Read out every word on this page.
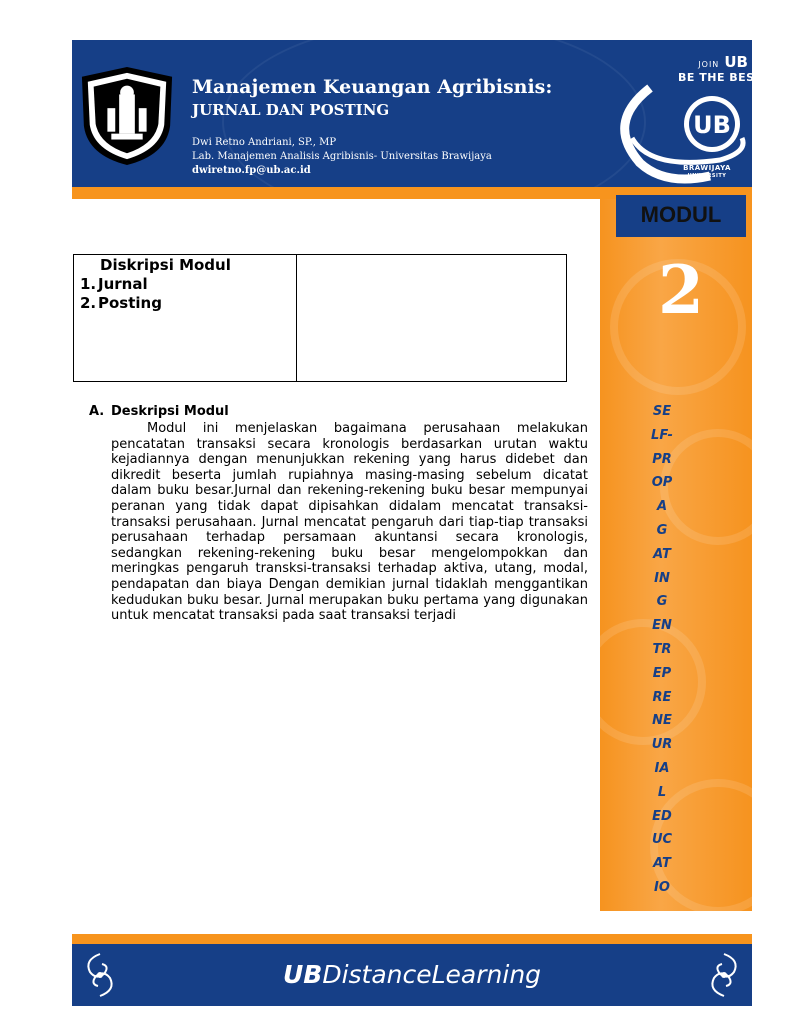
Manajemen Keuangan Agribisnis:
JURNAL DAN POSTING
Dwi Retno Andriani, SP., MP
Lab. Manajemen Analisis Agribisnis- Universitas Brawijaya
dwiretno.fp@ub.ac.id
JOIN UB
BE THE BEST
UB
BRAWIJAYA
UNIVERSITY
MODUL
2
SE
LF-
PR
OP
A
G
AT
IN
G
EN
TR
EP
RE
NE
UR
IA
L
ED
UC
AT
IO
Diskripsi Modul
1. Jurnal
2. Posting
A. Deskripsi Modul
Modul ini menjelaskan bagaimana perusahaan melakukan pencatatan transaksi secara kronologis berdasarkan urutan waktu kejadiannya dengan menunjukkan rekening yang harus didebet dan dikredit beserta jumlah rupiahnya masing-masing sebelum dicatat dalam buku besar.Jurnal dan rekening-rekening buku besar mempunyai peranan yang tidak dapat dipisahkan didalam mencatat transaksi-transaksi perusahaan. Jurnal mencatat pengaruh dari tiap-tiap transaksi perusahaan terhadap persamaan akuntansi secara kronologis, sedangkan rekening-rekening buku besar mengelompokkan dan meringkas pengaruh transksi-transaksi terhadap aktiva, utang, modal, pendapatan dan biaya Dengan demikian jurnal tidaklah menggantikan kedudukan buku besar. Jurnal merupakan buku pertama yang digunakan untuk mencatat transaksi pada saat transaksi terjadi
UBDistanceLearning
